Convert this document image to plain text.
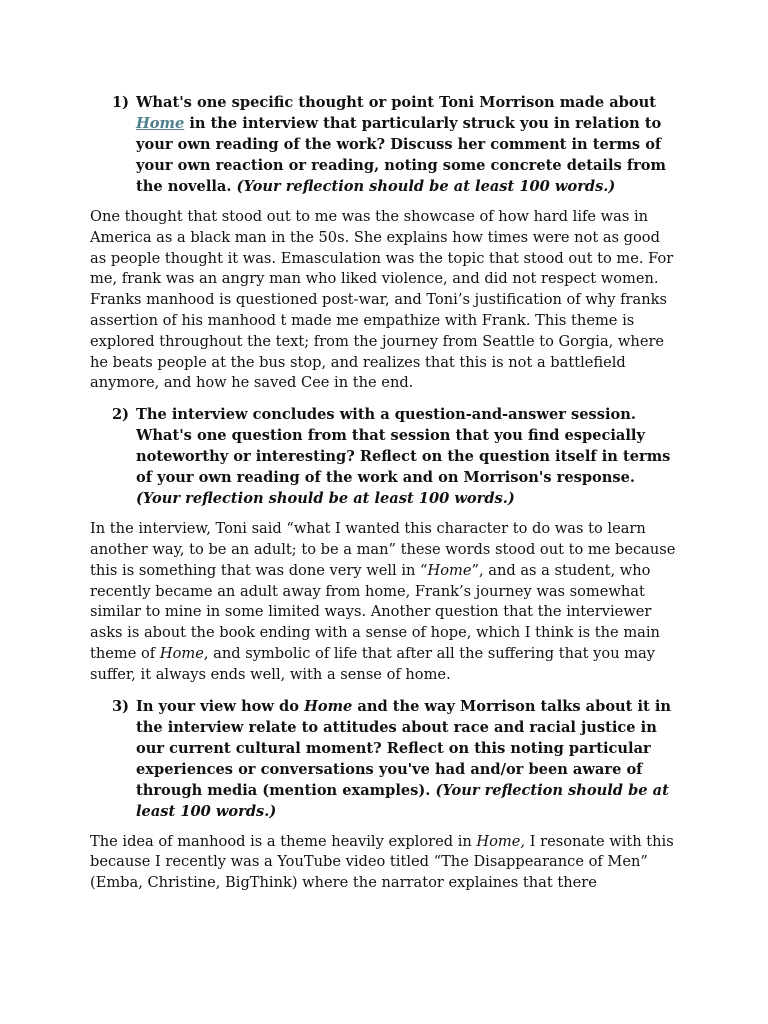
1) What's one specific thought or point Toni Morrison made about Home in the interview that particularly struck you in relation to your own reading of the work? Discuss her comment in terms of your own reaction or reading, noting some concrete details from the novella. (Your reflection should be at least 100 words.)

One thought that stood out to me was the showcase of how hard life was in America as a black man in the 50s. She explains how times were not as good as people thought it was. Emasculation was the topic that stood out to me. For me, frank was an angry man who liked violence, and did not respect women. Franks manhood is questioned post-war, and Toni’s justification of why franks assertion of his manhood t made me empathize with Frank. This theme is explored throughout the text; from the journey from Seattle to Gorgia, where he beats people at the bus stop, and realizes that this is not a battlefield anymore, and how he saved Cee in the end.

2) The interview concludes with a question-and-answer session. What's one question from that session that you find especially noteworthy or interesting? Reflect on the question itself in terms of your own reading of the work and on Morrison's response. (Your reflection should be at least 100 words.)

In the interview, Toni said “what I wanted this character to do was to learn another way, to be an adult; to be a man” these words stood out to me because this is something that was done very well in “Home”, and as a student, who recently became an adult away from home, Frank’s journey was somewhat similar to mine in some limited ways. Another question that the interviewer asks is about the book ending with a sense of hope, which I think is the main theme of Home, and symbolic of life that after all the suffering that you may suffer, it always ends well, with a sense of home.

3) In your view how do Home and the way Morrison talks about it in the interview relate to attitudes about race and racial justice in our current cultural moment? Reflect on this noting particular experiences or conversations you've had and/or been aware of through media (mention examples). (Your reflection should be at least 100 words.)

The idea of manhood is a theme heavily explored in Home, I resonate with this because I recently was a YouTube video titled “The Disappearance of Men” (Emba, Christine, BigThink) where the narrator explaines that there
